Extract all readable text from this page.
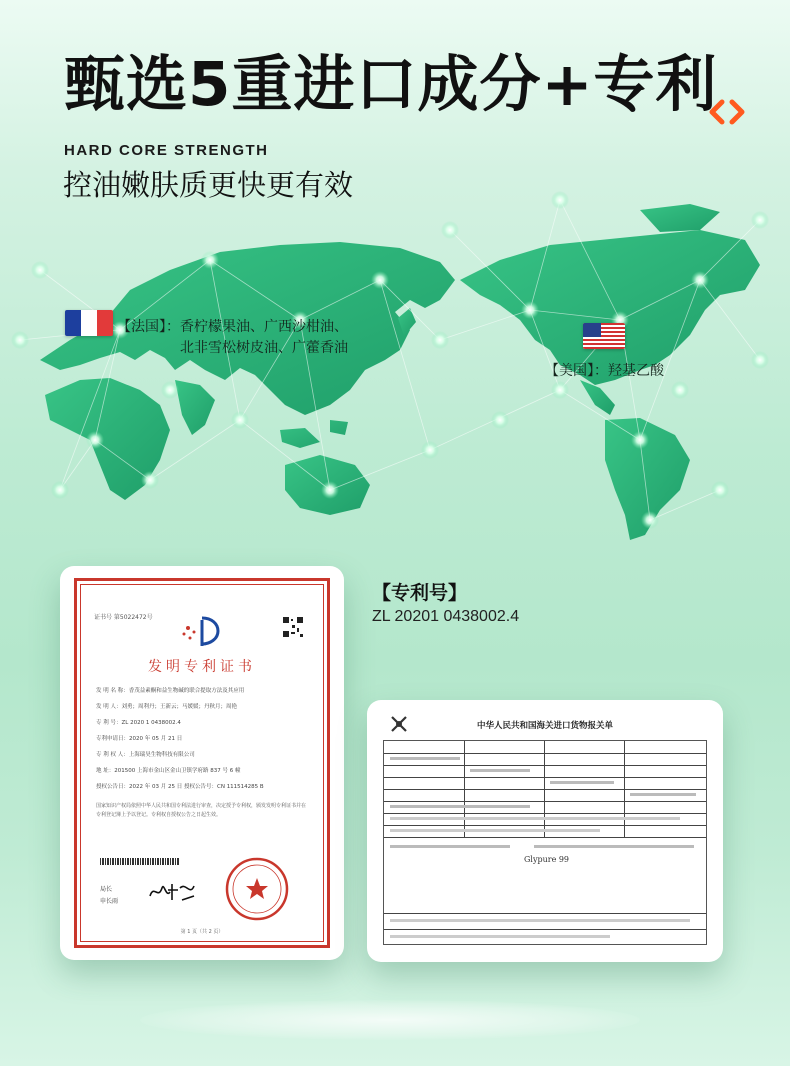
甄选5重进口成分+专利
HARD CORE STRENGTH
控油嫩肤质更快更有效
【法国】：香柠檬果油、广西沙柑油、
北非雪松树皮油、广藿香油
【美国】：羟基乙酸
【专利号】
ZL 20201 0438002.4
证书号 第5022472号
发明专利证书
发 明 名 称：香茂益素酮和益生物碱的联合提取方法及其应用
发 明 人：刘勇；周利丹；王新云；马媛媛；丹秋月；周艳
专 利 号：ZL 2020 1 0438002.4
专利申请日：2020 年 05 月 21 日
专 利 权 人：上海瑞昊生物科技有限公司
地 址：201500 上海市金山区金山卫镇学府路 837 号 6 幢
授权公告日：2022 年 03 月 25 日 授权公告号：CN 111514285 B
国家知识产权局依照中华人民共和国专利法进行审查，决定授予专利权，颁发发明专利证书并在专利登记簿上予以登记。专利权自授权公告之日起生效。
局长
申长雨
第 1 页（共 2 页）
中华人民共和国海关进口货物报关单
Glypure 99
